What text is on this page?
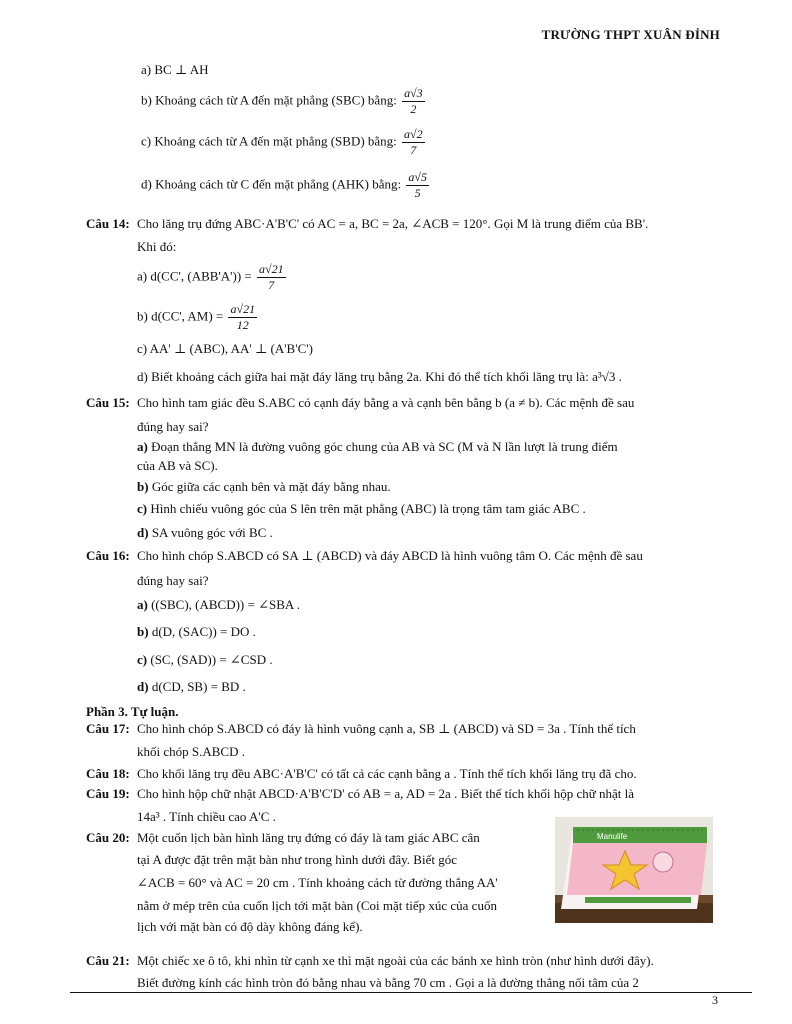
TRƯỜNG THPT XUÂN ĐỈNH
a) BC ⊥ AH
b) Khoảng cách từ A đến mặt phẳng (SBC) bằng: $\frac{a√3}{2}$
c) Khoảng cách từ A đến mặt phẳng (SBD) bằng: $\frac{a√2}{7}$
d) Khoảng cách từ C đến mặt phẳng (AHK) bằng: $\frac{a√5}{5}$
Câu 14: Cho lăng trụ đứng ABC·A'B'C' có AC = a, BC = 2a, ∠ACB = 120°. Gọi M là trung điểm của BB'.
Khi đó:
a) d(CC', $(ABB'A')) = \frac{a√21}{7}$
b) d(CC', $AM) = \frac{a√21}{12}$
c) AA' ⊥ (ABC), AA' ⊥ (A'B'C')
d) Biết khoảng cách giữa hai mặt đáy lăng trụ bằng 2a. Khi đó thể tích khối lăng trụ là: a³√3 .
Câu 15: Cho hình tam giác đều S.ABC có cạnh đáy bằng a và cạnh bên bằng b (a ≠ b). Các mệnh đề sau
đúng hay sai?
a) Đoạn thẳng MN là đường vuông góc chung của AB và SC (M và N lần lượt là trung điểm
của AB và SC).
b) Góc giữa các cạnh bên và mặt đáy bằng nhau.
c) Hình chiếu vuông góc của S lên trên mặt phẳng (ABC) là trọng tâm tam giác ABC .
d) SA vuông góc với BC .
Câu 16: Cho hình chóp S.ABCD có SA ⊥ (ABCD) và đáy ABCD là hình vuông tâm O. Các mệnh đề sau
đúng hay sai?
a) ((SBC), (ABCD)) = ∠SBA .
b) d(D, (SAC)) = DO .
c) (SC, (SAD)) = ∠CSD .
d) d(CD, SB) = BD .
Phần 3. Tự luận.
Câu 17: Cho hình chóp S.ABCD có đáy là hình vuông cạnh a, SB ⊥ (ABCD) và SD = 3a . Tính thể tích
khối chóp S.ABCD .
Câu 18: Cho khối lăng trụ đều ABC·A'B'C' có tất cả các cạnh bằng a . Tính thể tích khối lăng trụ đã cho.
Câu 19: Cho hình hộp chữ nhật ABCD·A'B'C'D' có AB = a, AD = 2a . Biết thể tích khối hộp chữ nhật là
14a³ . Tính chiều cao A'C .
Câu 20: Một cuốn lịch bàn hình lăng trụ đứng có đáy là tam giác ABC cân
tại A được đặt trên mặt bàn như trong hình dưới đây. Biết góc
∠ACB = 60° và AC = 20 cm . Tính khoảng cách từ đường thẳng AA'
nằm ở mép trên của cuốn lịch tới mặt bàn (Coi mặt tiếp xúc của cuốn
lịch với mặt bàn có độ dày không đáng kể).
Manulife
Câu 21: Một chiếc xe ô tô, khi nhìn từ cạnh xe thì mặt ngoài của các bánh xe hình tròn (như hình dưới đây).
Biết đường kính các hình tròn đó bằng nhau và bằng 70 cm . Gọi a là đường thẳng nối tâm của 2
3
